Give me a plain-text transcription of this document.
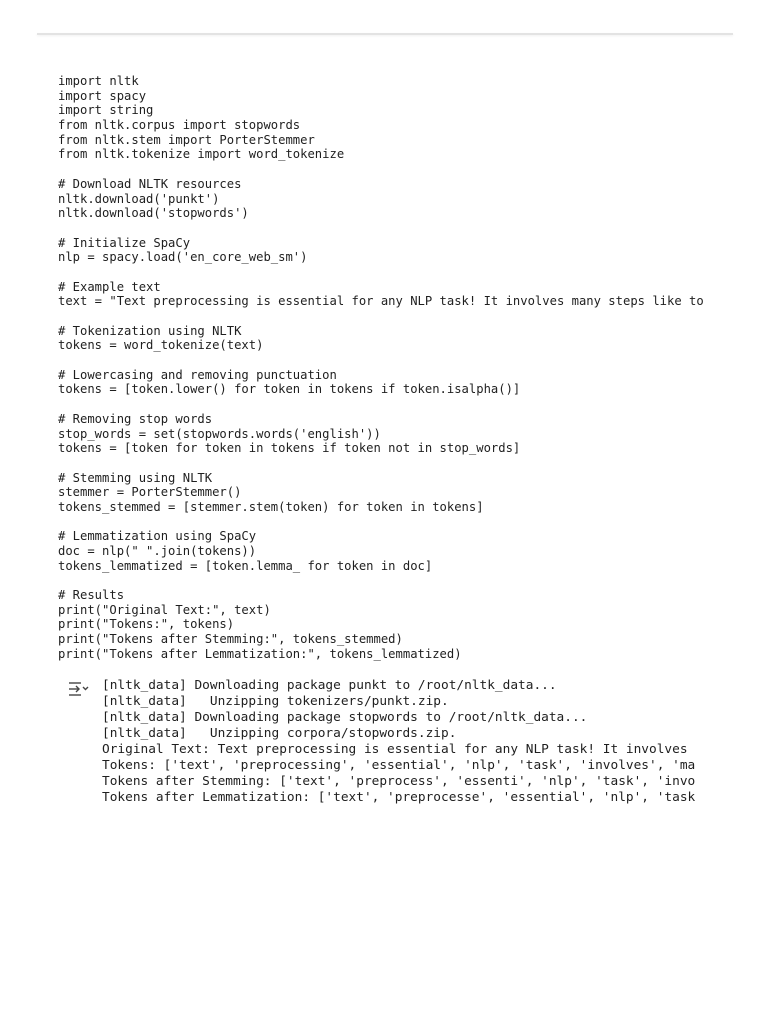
import nltk
import spacy
import string
from nltk.corpus import stopwords
from nltk.stem import PorterStemmer
from nltk.tokenize import word_tokenize
# Download NLTK resources
nltk.download('punkt')
nltk.download('stopwords')
# Initialize SpaCy
nlp = spacy.load('en_core_web_sm')
# Example text
text = "Text preprocessing is essential for any NLP task! It involves many steps like to
# Tokenization using NLTK
tokens = word_tokenize(text)
# Lowercasing and removing punctuation
tokens = [token.lower() for token in tokens if token.isalpha()]
# Removing stop words
stop_words = set(stopwords.words('english'))
tokens = [token for token in tokens if token not in stop_words]
# Stemming using NLTK
stemmer = PorterStemmer()
tokens_stemmed = [stemmer.stem(token) for token in tokens]
# Lemmatization using SpaCy
doc = nlp(" ".join(tokens))
tokens_lemmatized = [token.lemma_ for token in doc]
# Results
print("Original Text:", text)
print("Tokens:", tokens)
print("Tokens after Stemming:", tokens_stemmed)
print("Tokens after Lemmatization:", tokens_lemmatized)
[nltk_data] Downloading package punkt to /root/nltk_data...
[nltk_data]   Unzipping tokenizers/punkt.zip.
[nltk_data] Downloading package stopwords to /root/nltk_data...
[nltk_data]   Unzipping corpora/stopwords.zip.
Original Text: Text preprocessing is essential for any NLP task! It involves
Tokens: ['text', 'preprocessing', 'essential', 'nlp', 'task', 'involves', 'ma
Tokens after Stemming: ['text', 'preprocess', 'essenti', 'nlp', 'task', 'invo
Tokens after Lemmatization: ['text', 'preprocesse', 'essential', 'nlp', 'task
